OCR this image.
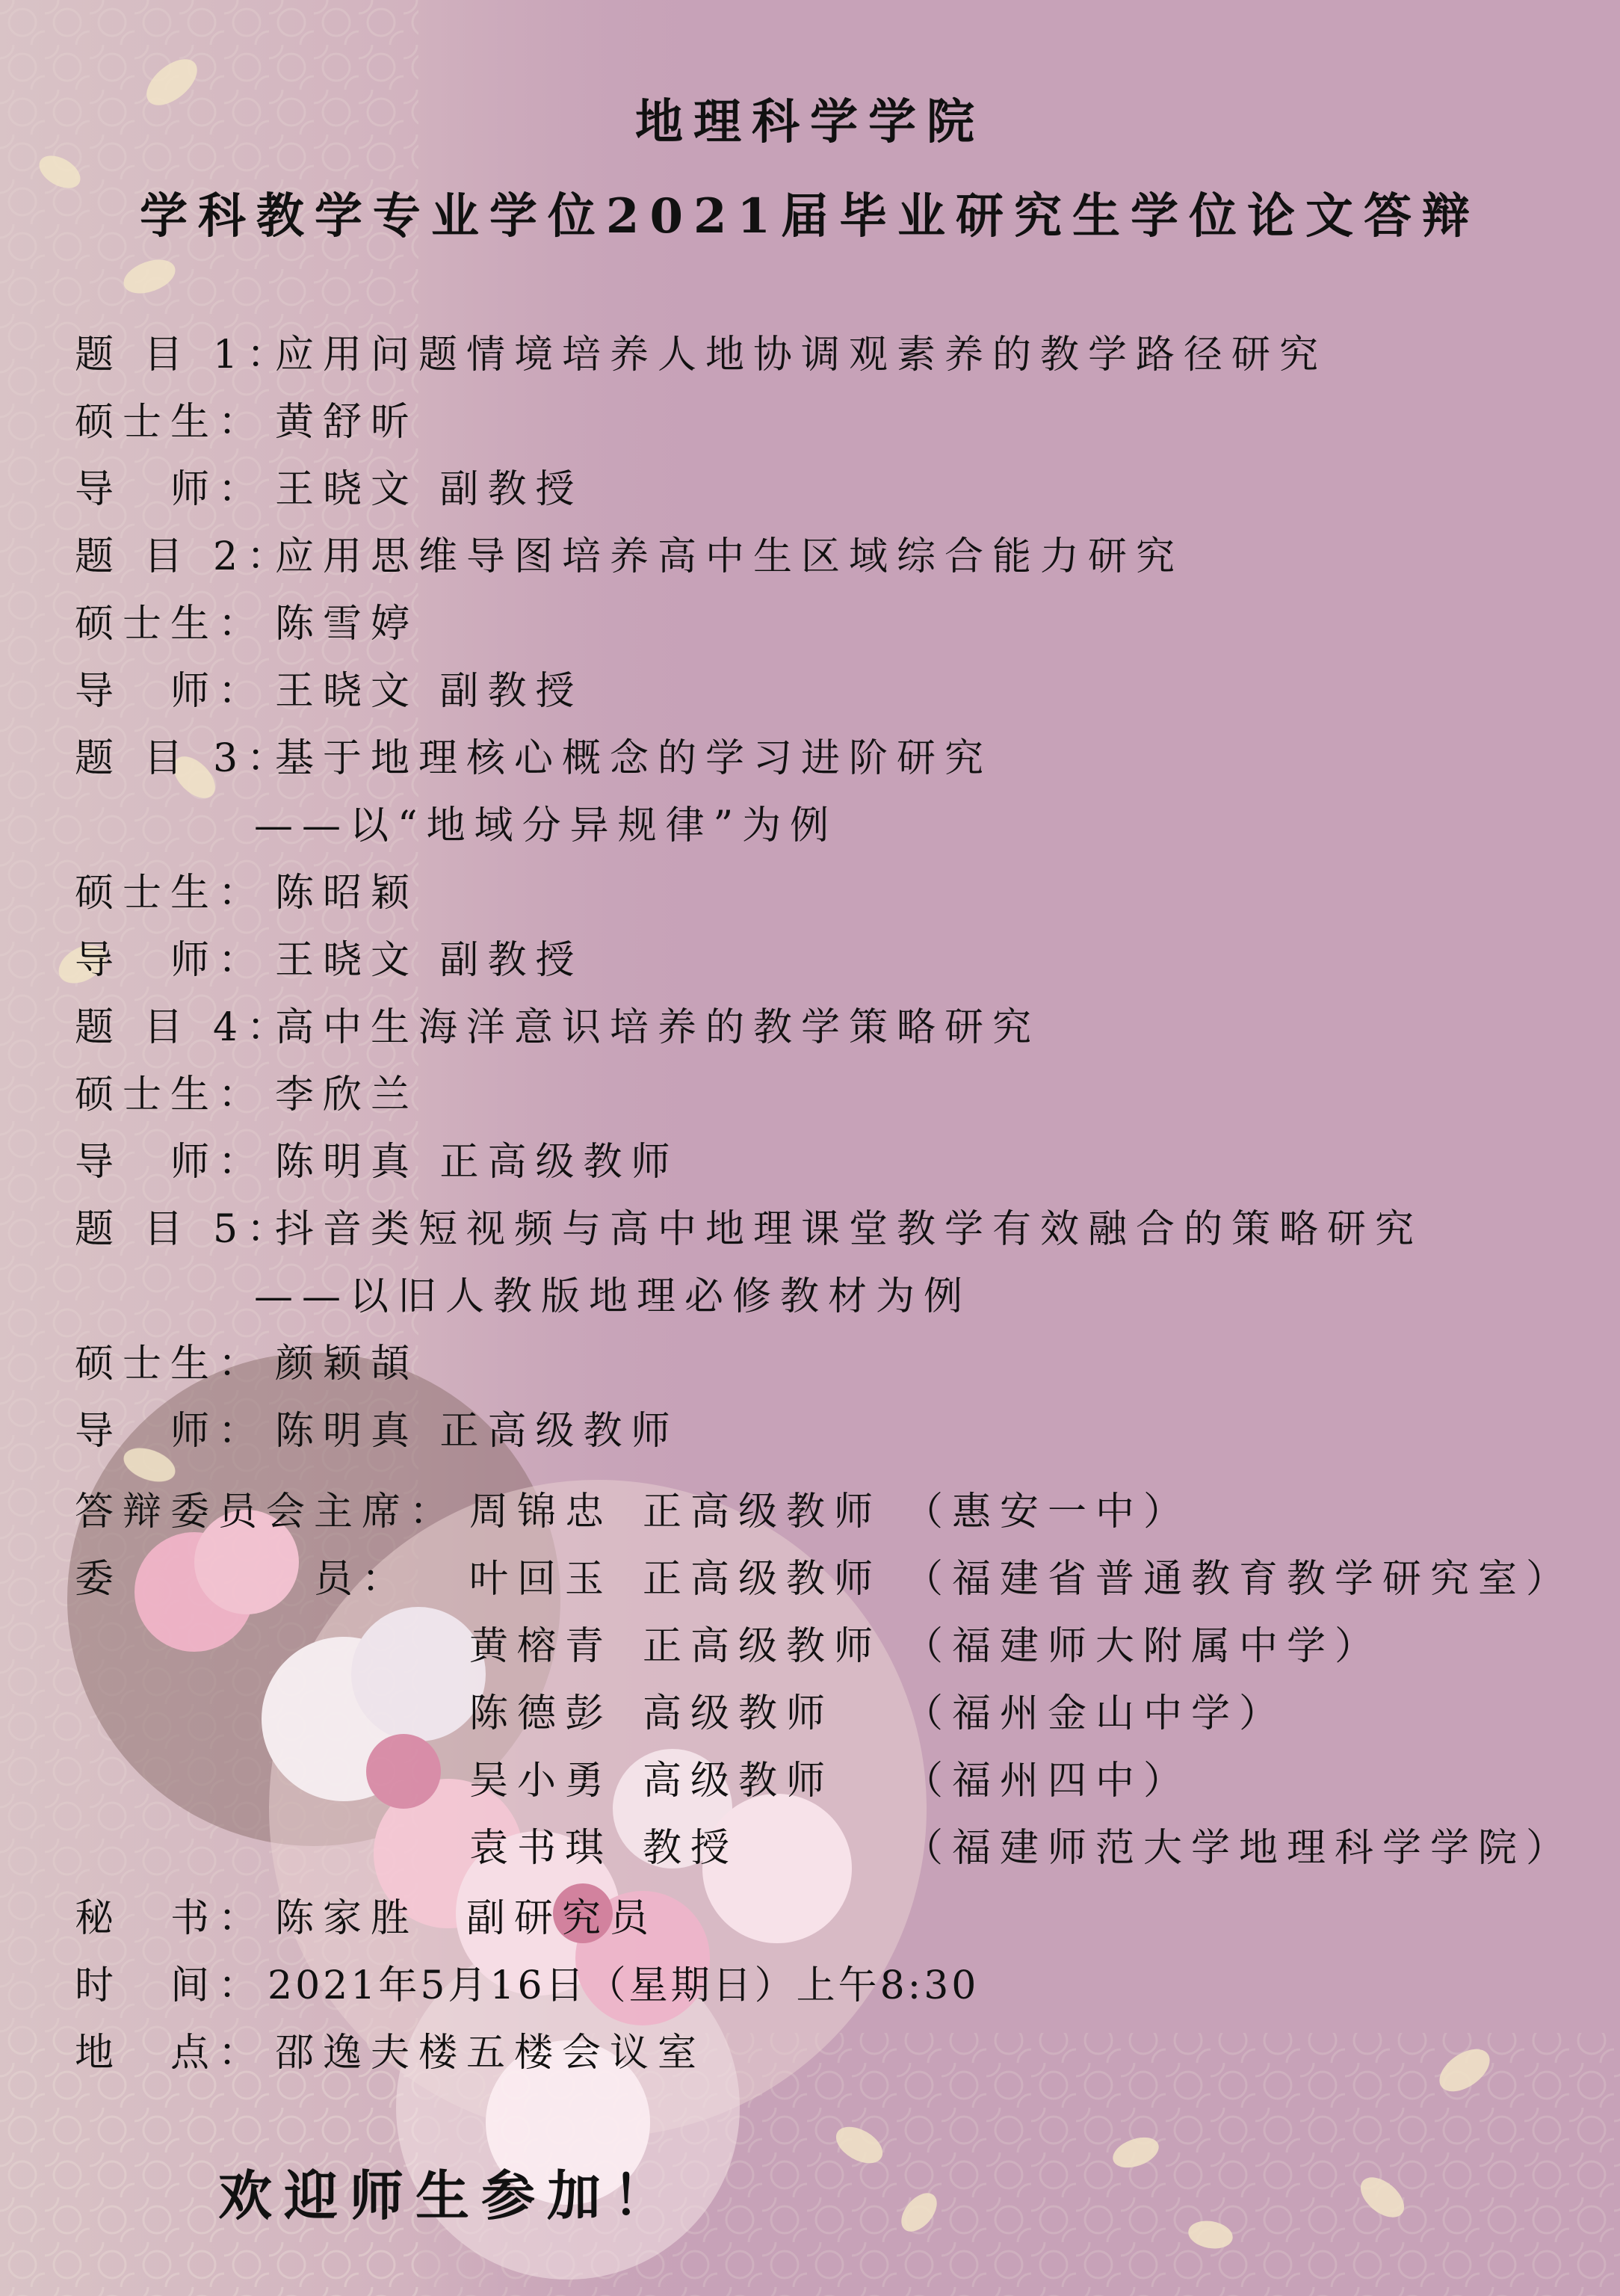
地理科学学院
学科教学专业学位2021届毕业研究生学位论文答辩
题 目 1：
应用问题情境培养人地协调观素养的教学路径研究
硕士生： 黄舒昕
导　师： 王晓文 副教授
题 目 2：
应用思维导图培养高中生区域综合能力研究
硕士生： 陈雪婷
导　师： 王晓文 副教授
题 目 3：
基于地理核心概念的学习进阶研究
——以“地域分异规律”为例
硕士生： 陈昭颖
导　师： 王晓文 副教授
题 目 4：
高中生海洋意识培养的教学策略研究
硕士生： 李欣兰
导　师： 陈明真 正高级教师
题 目 5：
抖音类短视频与高中地理课堂教学有效融合的策略研究
——以旧人教版地理必修教材为例
硕士生： 颜颖頡
导　师： 陈明真 正高级教师
答辩委员会主席： 周锦忠 正高级教师 （惠安一中）
委　　　　员： 叶回玉 正高级教师 （福建省普通教育教学研究室）
黄榕青 正高级教师 （福建师大附属中学）
陈德彭 高级教师 （福州金山中学）
吴小勇 高级教师 （福州四中）
袁书琪 教授	（福建师范大学地理科学学院）
秘　书： 陈家胜　副研究员
时　间： 2021年5月16日（星期日）上午8:30
地　点： 邵逸夫楼五楼会议室
欢迎师生参加！
